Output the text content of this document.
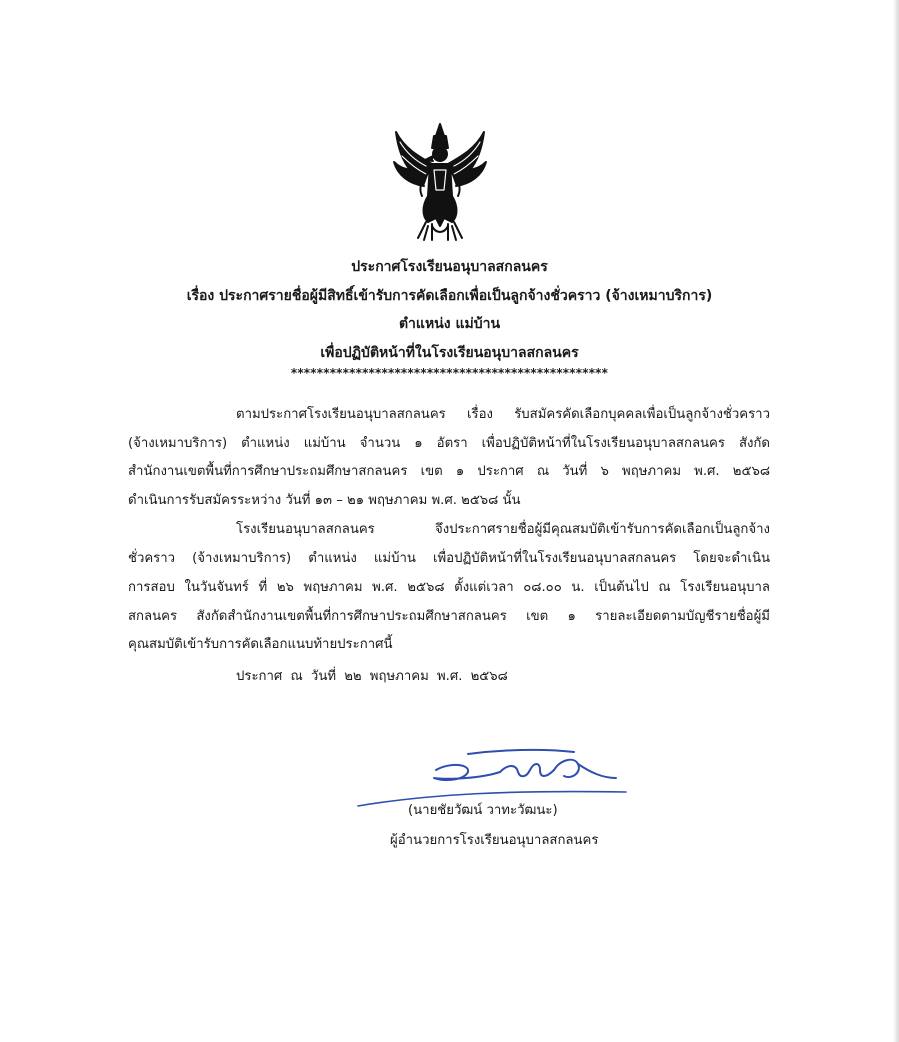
ประกาศโรงเรียนอนุบาลสกลนคร
เรื่อง ประกาศรายชื่อผู้มีสิทธิ์เข้ารับการคัดเลือกเพื่อเป็นลูกจ้างชั่วคราว (จ้างเหมาบริการ)
ตำแหน่ง แม่บ้าน
เพื่อปฏิบัติหน้าที่ในโรงเรียนอนุบาลสกลนคร
*************************************************
ตามประกาศโรงเรียนอนุบาลสกลนคร เรื่อง รับสมัครคัดเลือกบุคคลเพื่อเป็นลูกจ้างชั่วคราว
(จ้างเหมาบริการ) ตำแหน่ง แม่บ้าน จำนวน ๑ อัตรา เพื่อปฏิบัติหน้าที่ในโรงเรียนอนุบาลสกลนคร สังกัด
สำนักงานเขตพื้นที่การศึกษาประถมศึกษาสกลนคร เขต ๑ ประกาศ ณ วันที่ ๖ พฤษภาคม พ.ศ. ๒๕๖๘
ดำเนินการรับสมัครระหว่าง วันที่ ๑๓ – ๒๑ พฤษภาคม พ.ศ. ๒๕๖๘ นั้น
โรงเรียนอนุบาลสกลนคร จึงประกาศรายชื่อผู้มีคุณสมบัติเข้ารับการคัดเลือกเป็นลูกจ้าง
ชั่วคราว (จ้างเหมาบริการ) ตำแหน่ง แม่บ้าน เพื่อปฏิบัติหน้าที่ในโรงเรียนอนุบาลสกลนคร โดยจะดำเนิน
การสอบ ในวันจันทร์ ที่ ๒๖ พฤษภาคม พ.ศ. ๒๕๖๘ ตั้งแต่เวลา ๐๘.๐๐ น. เป็นต้นไป ณ โรงเรียนอนุบาล
สกลนคร สังกัดสำนักงานเขตพื้นที่การศึกษาประถมศึกษาสกลนคร เขต ๑ รายละเอียดตามบัญชีรายชื่อผู้มี
คุณสมบัติเข้ารับการคัดเลือกแนบท้ายประกาศนี้
ประกาศ ณ วันที่ ๒๒ พฤษภาคม พ.ศ. ๒๕๖๘
(นายชัยวัฒน์ วาทะวัฒนะ)
ผู้อำนวยการโรงเรียนอนุบาลสกลนคร
